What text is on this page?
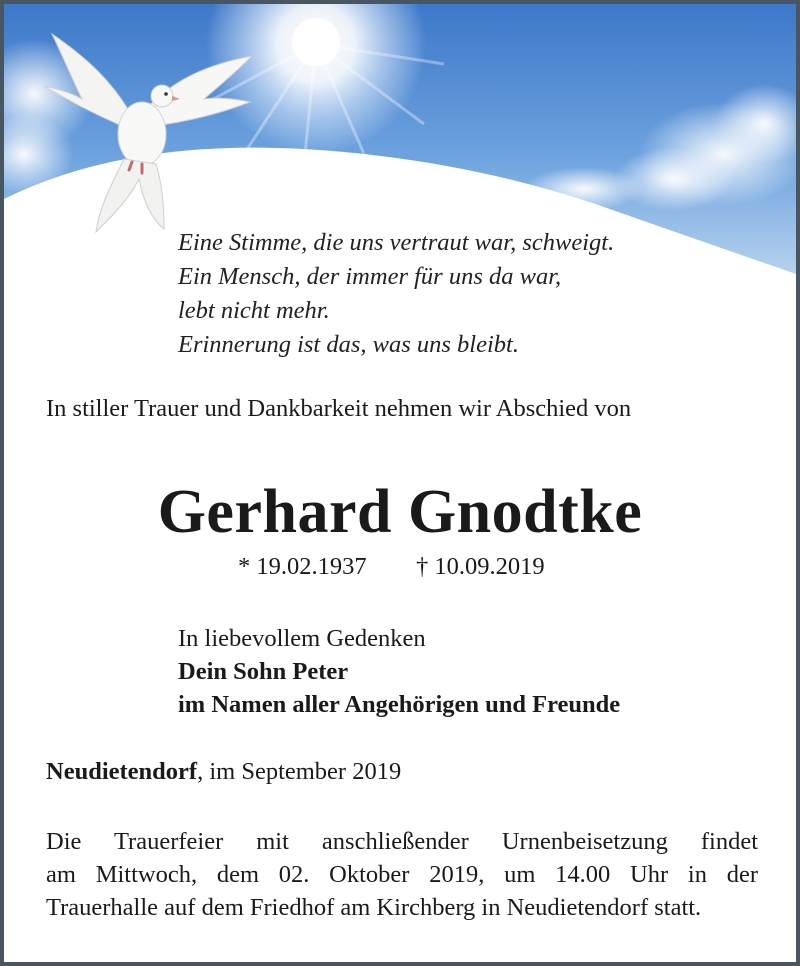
Eine Stimme, die uns vertraut war, schweigt.
Ein Mensch, der immer für uns da war,
lebt nicht mehr.
Erinnerung ist das, was uns bleibt.
In stiller Trauer und Dankbarkeit nehmen wir Abschied von
Gerhard Gnodtke
* 19.02.1937 † 10.09.2019
In liebevollem Gedenken
Dein Sohn Peter
im Namen aller Angehörigen und Freunde
Neudietendorf, im September 2019
Die Trauerfeier mit anschließender Urnenbeisetzung findet
am Mittwoch, dem 02. Oktober 2019, um 14.00 Uhr in der
Trauerhalle auf dem Friedhof am Kirchberg in Neudietendorf statt.
